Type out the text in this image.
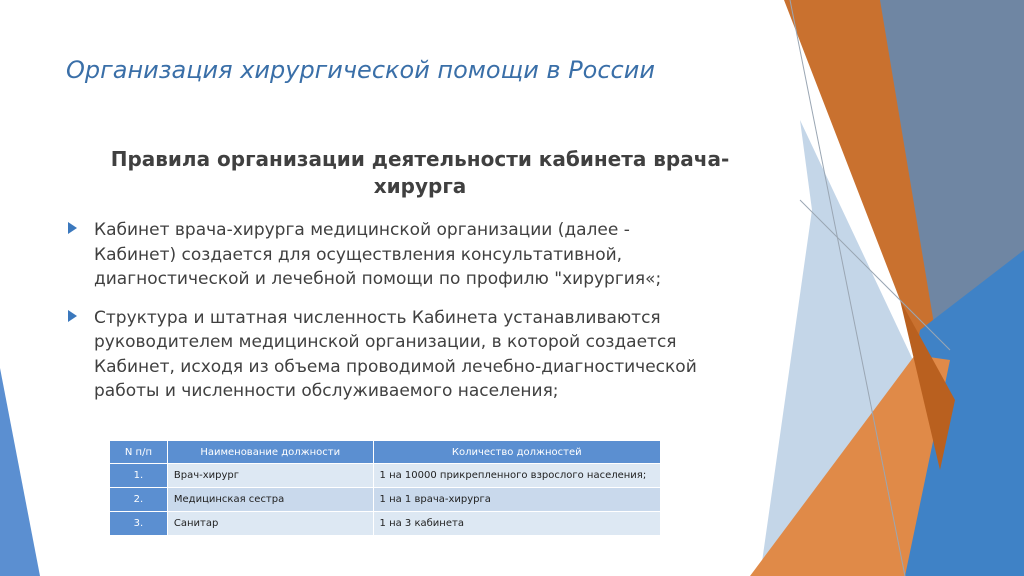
Организация хирургической помощи в России
Правила организации деятельности кабинета врача-
хирурга
Кабинет врача-хирурга медицинской организации (далее -
Кабинет) создается для осуществления консультативной,
диагностической и лечебной помощи по профилю "хирургия«;
Структура и штатная численность Кабинета устанавливаются
руководителем медицинской организации, в которой создается
Кабинет, исходя из объема проводимой лечебно-диагностической
работы и численности обслуживаемого населения;
N п/п	Наименование должности	Количество должностей
1.	Врач-хирург	1 на 10000 прикрепленного взрослого населения;
2.	Медицинская сестра	1 на 1 врача-хирурга
3.	Санитар	1 на 3 кабинета
